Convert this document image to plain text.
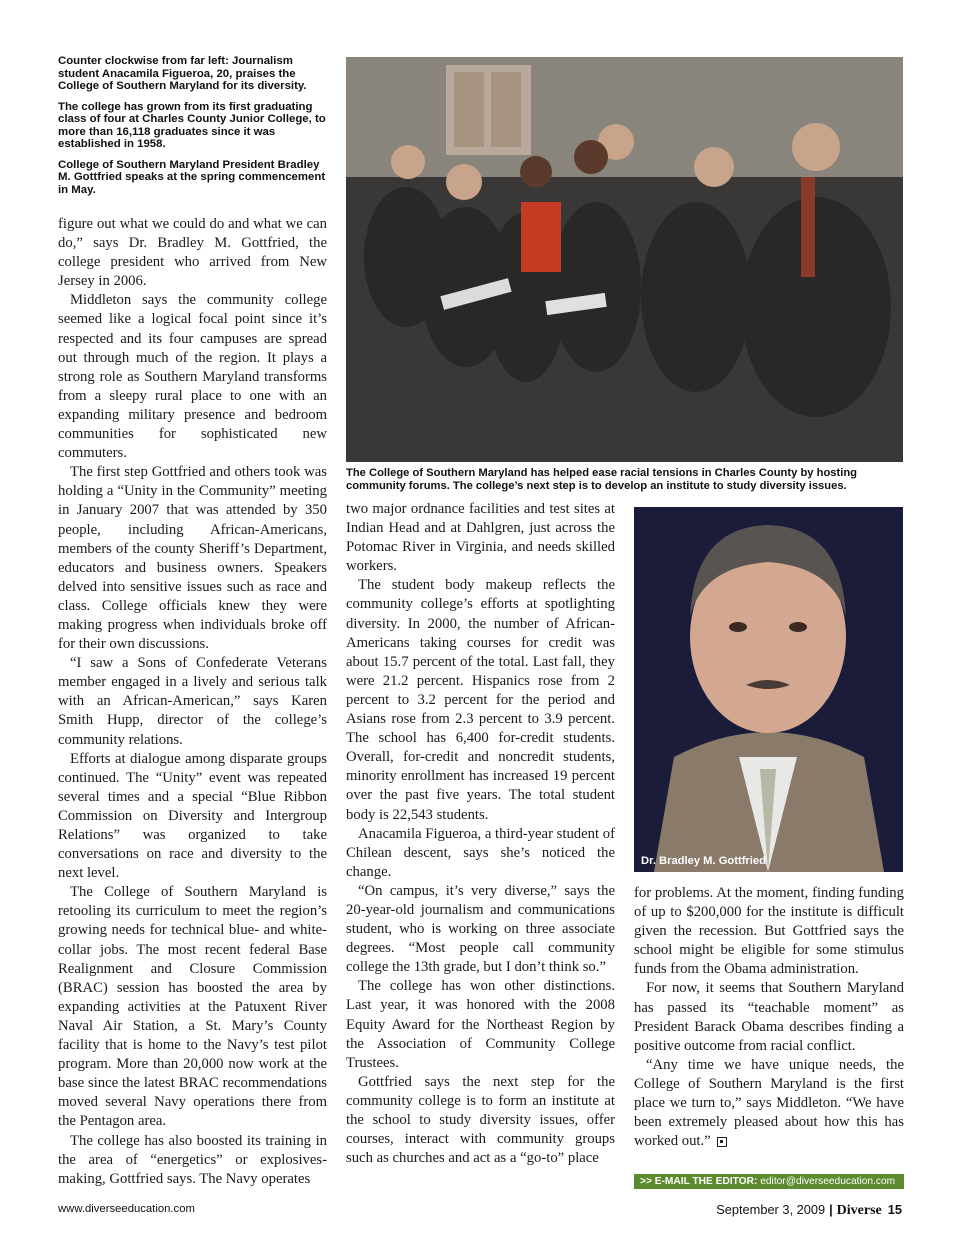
Counter clockwise from far left: Journalism student Anacamila Figueroa, 20, praises the College of Southern Maryland for its diversity.

The college has grown from its first graduating class of four at Charles County Junior College, to more than 16,118 graduates since it was established in 1958.

College of Southern Maryland President Bradley M. Gottfried speaks at the spring commencement in May.

The College of Southern Maryland has helped ease racial tensions in Charles County by hosting community forums. The college’s next step is to develop an institute to study diversity issues.

figure out what we could do and what we can do,” says Dr. Bradley M. Gottfried, the college president who arrived from New Jersey in 2006.

Middleton says the community college seemed like a logical focal point since it’s respected and its four campuses are spread out through much of the region. It plays a strong role as Southern Maryland transforms from a sleepy rural place to one with an expanding military presence and bedroom communities for sophisticated new commuters.

The first step Gottfried and others took was holding a “Unity in the Community” meeting in January 2007 that was attended by 350 people, including African-Americans, members of the county Sheriff’s Department, educators and business owners. Speakers delved into sensitive issues such as race and class. College officials knew they were making progress when individuals broke off for their own discussions.

“I saw a Sons of Confederate Veterans member engaged in a lively and serious talk with an African-American,” says Karen Smith Hupp, director of the college’s community relations.

Efforts at dialogue among disparate groups continued. The “Unity” event was repeated several times and a special “Blue Ribbon Commission on Diversity and Intergroup Relations” was organized to take conversations on race and diversity to the next level.

The College of Southern Maryland is retooling its curriculum to meet the region’s growing needs for technical blue- and white-collar jobs. The most recent federal Base Realignment and Closure Commission (BRAC) session has boosted the area by expanding activities at the Patuxent River Naval Air Station, a St. Mary’s County facility that is home to the Navy’s test pilot program. More than 20,000 now work at the base since the latest BRAC recommendations moved several Navy operations there from the Pentagon area.

The college has also boosted its training in the area of “energetics” or explosives-making, Gottfried says. The Navy operates

two major ordnance facilities and test sites at Indian Head and at Dahlgren, just across the Potomac River in Virginia, and needs skilled workers.

The student body makeup reflects the community college’s efforts at spotlighting diversity. In 2000, the number of African-Americans taking courses for credit was about 15.7 percent of the total. Last fall, they were 21.2 percent. Hispanics rose from 2 percent to 3.2 percent for the period and Asians rose from 2.3 percent to 3.9 percent. The school has 6,400 for-credit students. Overall, for-credit and noncredit students, minority enrollment has increased 19 percent over the past five years. The total student body is 22,543 students.

Anacamila Figueroa, a third-year student of Chilean descent, says she’s noticed the change.

“On campus, it’s very diverse,” says the 20-year-old journalism and communications student, who is working on three associate degrees. “Most people call community college the 13th grade, but I don’t think so.”

The college has won other distinctions. Last year, it was honored with the 2008 Equity Award for the Northeast Region by the Association of Community College Trustees.

Gottfried says the next step for the community college is to form an institute at the school to study diversity issues, offer courses, interact with community groups such as churches and act as a “go-to” place

Dr. Bradley M. Gottfried

for problems. At the moment, finding funding of up to $200,000 for the institute is difficult given the recession. But Gottfried says the school might be eligible for some stimulus funds from the Obama administration.

For now, it seems that Southern Maryland has passed its “teachable moment” as President Barack Obama describes finding a positive outcome from racial conflict.

“Any time we have unique needs, the College of Southern Maryland is the first place we turn to,” says Middleton. “We have been extremely pleased about how this has worked out.”

>> E-MAIL THE EDITOR: editor@diverseeducation.com
www.diverseeducation.com	September 3, 2009 | Diverse 15
